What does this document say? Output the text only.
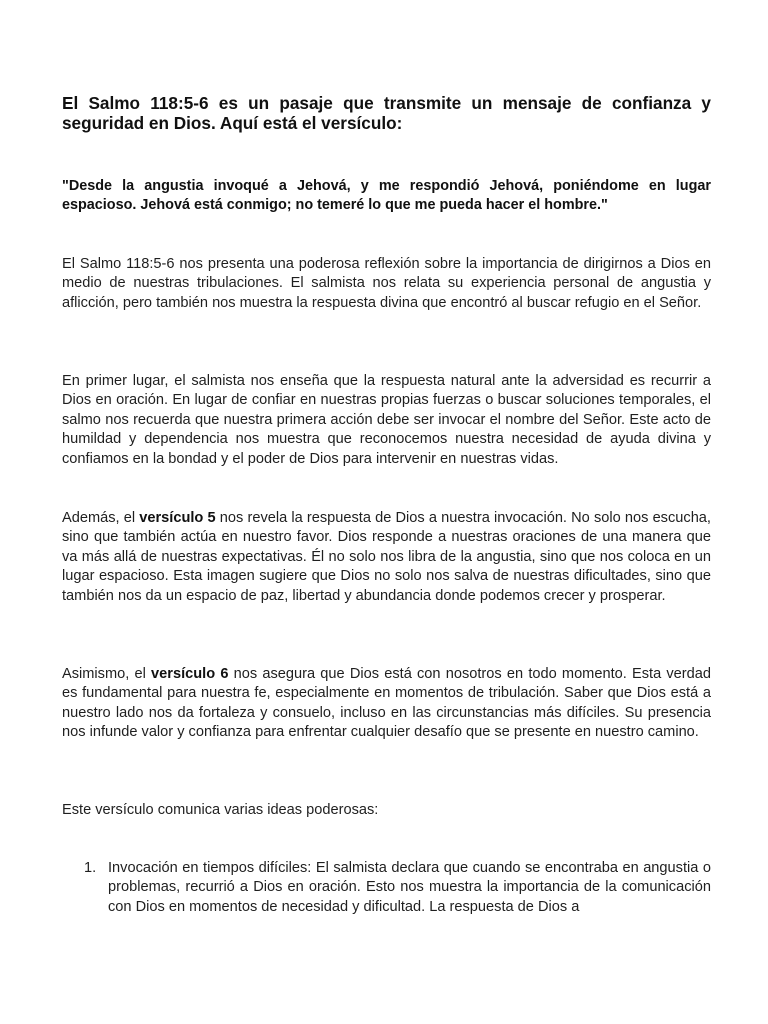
El Salmo 118:5-6 es un pasaje que transmite un mensaje de confianza y seguridad en Dios. Aquí está el versículo:

"Desde la angustia invoqué a Jehová, y me respondió Jehová, poniéndome en lugar espacioso. Jehová está conmigo; no temeré lo que me pueda hacer el hombre."

El Salmo 118:5-6 nos presenta una poderosa reflexión sobre la importancia de dirigirnos a Dios en medio de nuestras tribulaciones. El salmista nos relata su experiencia personal de angustia y aflicción, pero también nos muestra la respuesta divina que encontró al buscar refugio en el Señor.

En primer lugar, el salmista nos enseña que la respuesta natural ante la adversidad es recurrir a Dios en oración. En lugar de confiar en nuestras propias fuerzas o buscar soluciones temporales, el salmo nos recuerda que nuestra primera acción debe ser invocar el nombre del Señor. Este acto de humildad y dependencia nos muestra que reconocemos nuestra necesidad de ayuda divina y confiamos en la bondad y el poder de Dios para intervenir en nuestras vidas.

Además, el versículo 5 nos revela la respuesta de Dios a nuestra invocación. No solo nos escucha, sino que también actúa en nuestro favor. Dios responde a nuestras oraciones de una manera que va más allá de nuestras expectativas. Él no solo nos libra de la angustia, sino que nos coloca en un lugar espacioso. Esta imagen sugiere que Dios no solo nos salva de nuestras dificultades, sino que también nos da un espacio de paz, libertad y abundancia donde podemos crecer y prosperar.

Asimismo, el versículo 6 nos asegura que Dios está con nosotros en todo momento. Esta verdad es fundamental para nuestra fe, especialmente en momentos de tribulación. Saber que Dios está a nuestro lado nos da fortaleza y consuelo, incluso en las circunstancias más difíciles. Su presencia nos infunde valor y confianza para enfrentar cualquier desafío que se presente en nuestro camino.

Este versículo comunica varias ideas poderosas:

1. Invocación en tiempos difíciles: El salmista declara que cuando se encontraba en angustia o problemas, recurrió a Dios en oración. Esto nos muestra la importancia de la comunicación con Dios en momentos de necesidad y dificultad. La respuesta de Dios a
